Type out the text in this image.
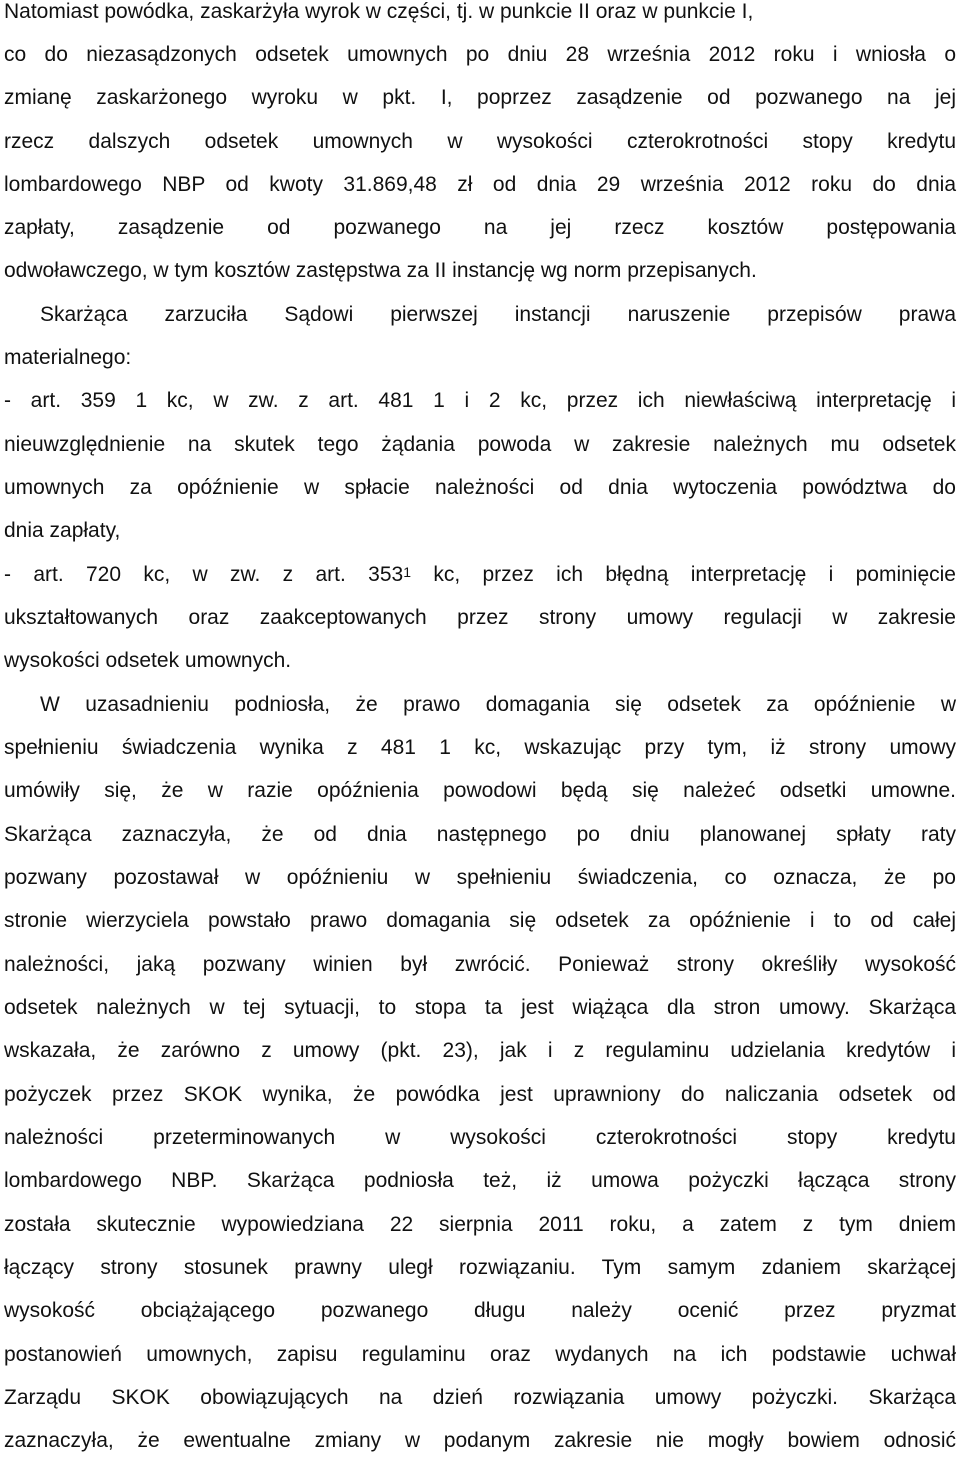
Natomiast powódka, zaskarżyła wyrok w części, tj. w punkcie II oraz w punkcie I,
co do niezasądzonych odsetek umownych po dniu 28 września 2012 roku i wniosła o
zmianę zaskarżonego wyroku w pkt. I, poprzez zasądzenie od pozwanego na jej
rzecz dalszych odsetek umownych w wysokości czterokrotności stopy kredytu
lombardowego NBP od kwoty 31.869,48 zł od dnia 29 września 2012 roku do dnia
zapłaty, zasądzenie od pozwanego na jej rzecz kosztów postępowania
odwoławczego, w tym kosztów zastępstwa za II instancję wg norm przepisanych.
Skarżąca zarzuciła Sądowi pierwszej instancji naruszenie przepisów prawa
materialnego:
- art. 359 1 kc, w zw. z art. 481 1 i 2 kc, przez ich niewłaściwą interpretację i
nieuwzględnienie na skutek tego żądania powoda w zakresie należnych mu odsetek
umownych za opóźnienie w spłacie należności od dnia wytoczenia powództwa do
dnia zapłaty,
- art. 720 kc, w zw. z art. $353^1$ kc, przez ich błędną interpretację i pominięcie
ukształtowanych oraz zaakceptowanych przez strony umowy regulacji w zakresie
wysokości odsetek umownych.
W uzasadnieniu podniosła, że prawo domagania się odsetek za opóźnienie w
spełnieniu świadczenia wynika z 481 1 kc, wskazując przy tym, iż strony umowy
umówiły się, że w razie opóźnienia powodowi będą się należeć odsetki umowne.
Skarżąca zaznaczyła, że od dnia następnego po dniu planowanej spłaty raty
pozwany pozostawał w opóźnieniu w spełnieniu świadczenia, co oznacza, że po
stronie wierzyciela powstało prawo domagania się odsetek za opóźnienie i to od całej
należności, jaką pozwany winien był zwrócić. Ponieważ strony określiły wysokość
odsetek należnych w tej sytuacji, to stopa ta jest wiążąca dla stron umowy. Skarżąca
wskazała, że zarówno z umowy (pkt. 23), jak i z regulaminu udzielania kredytów i
pożyczek przez SKOK wynika, że powódka jest uprawniony do naliczania odsetek od
należności przeterminowanych w wysokości czterokrotności stopy kredytu
lombardowego NBP. Skarżąca podniosła też, iż umowa pożyczki łącząca strony
została skutecznie wypowiedziana 22 sierpnia 2011 roku, a zatem z tym dniem
łączący strony stosunek prawny uległ rozwiązaniu. Tym samym zdaniem skarżącej
wysokość obciążającego pozwanego długu należy ocenić przez pryzmat
postanowień umownych, zapisu regulaminu oraz wydanych na ich podstawie uchwał
Zarządu SKOK obowiązujących na dzień rozwiązania umowy pożyczki. Skarżąca
zaznaczyła, że ewentualne zmiany w podanym zakresie nie mogły bowiem odnosić
